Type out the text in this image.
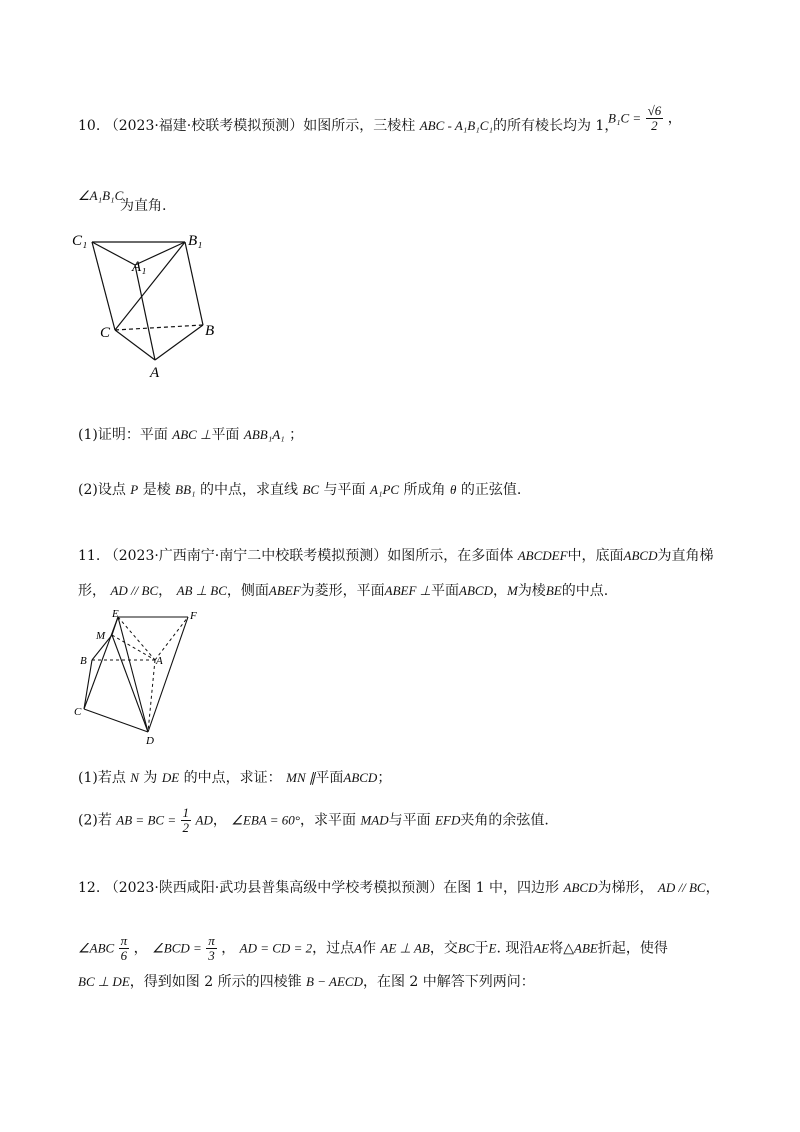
10. （2023·福建·校联考模拟预测）如图所示，三棱柱 ABC - A₁B₁C₁的所有棱长均为 1，
$B_1C = \frac{√6}{2}$ ，
∠A₁B₁C
为直角.
C₁	B₁
A₁
C	B
A
(1)证明：平面 ABC ⊥平面 ABB₁A₁ ；
(2)设点 P 是棱 BB₁ 的中点，求直线 BC 与平面 A₁PC 所成角 θ 的正弦值.
11. （2023·广西南宁·南宁二中校联考模拟预测）如图所示，在多面体 ABCDEF中，底面ABCD为直角梯
形， AD // BC， AB ⊥ BC，侧面ABEF为菱形，平面ABEF ⊥平面ABCD，M为棱BE的中点.
E	F
M
B	A
C
D
(1)若点 N 为 DE 的中点，求证： MN ∥平面ABCD；
(2)若 AB = BC = $\frac{1}{2}$ AD， ∠EBA = 60°，求平面 MAD与平面 EFD夹角的余弦值.
12. （2023·陕西咸阳·武功县普集高级中学校考模拟预测）在图 1 中，四边形 ABCD为梯形， AD // BC，
∠ABC $\frac{\pi}{6}$ ， ∠BCD = $\frac{\pi}{3}$ ， AD = CD = 2，过点A作 AE ⊥ AB，交BC于E. 现沿AE将△ABE折起，使得
BC ⊥ DE，得到如图 2 所示的四棱锥 B − AECD，在图 2 中解答下列两问：
